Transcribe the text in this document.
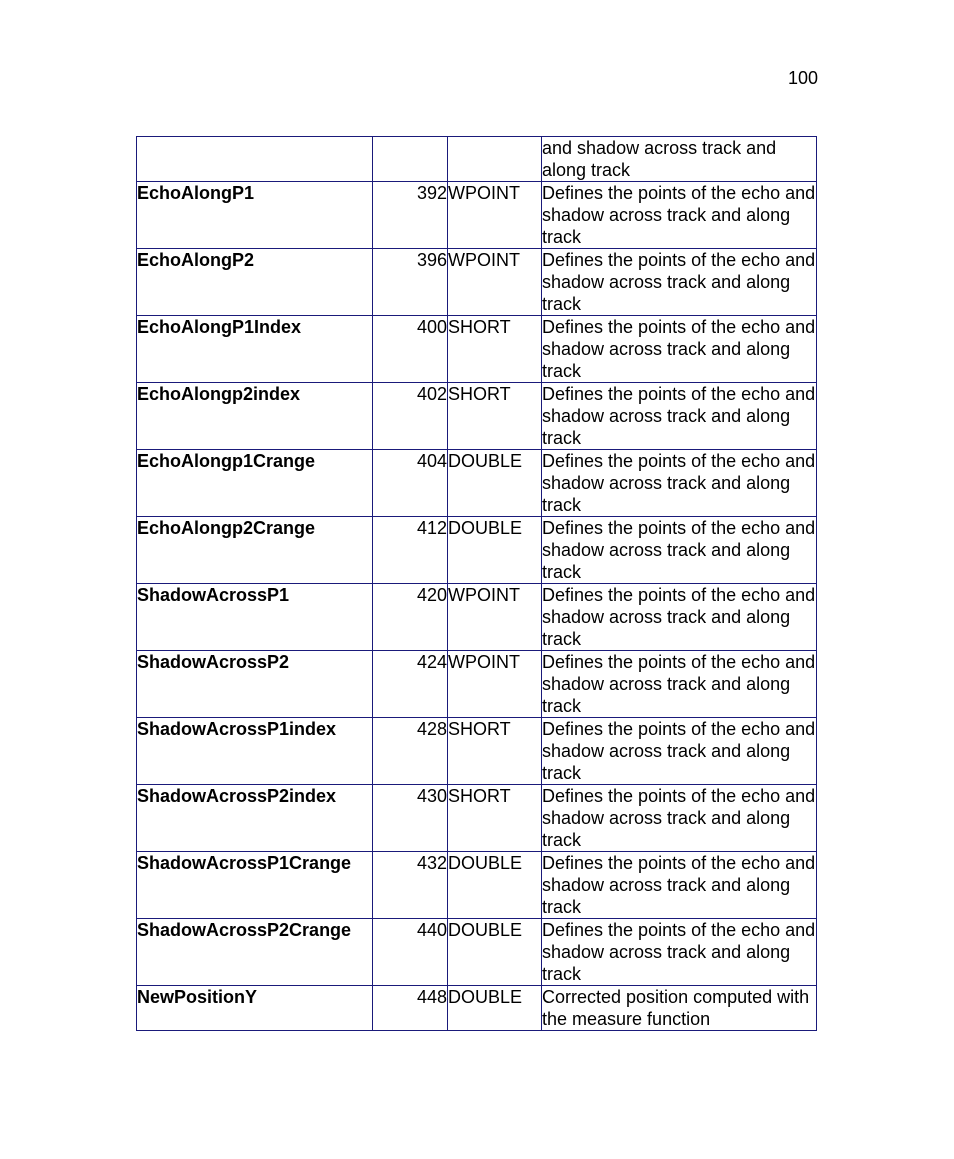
100
			and shadow across track and along track
EchoAlongP1	392	WPOINT	Defines the points of the echo and shadow across track and along track
EchoAlongP2	396	WPOINT	Defines the points of the echo and shadow across track and along track
EchoAlongP1Index	400	SHORT	Defines the points of the echo and shadow across track and along track
EchoAlongp2index	402	SHORT	Defines the points of the echo and shadow across track and along track
EchoAlongp1Crange	404	DOUBLE	Defines the points of the echo and shadow across track and along track
EchoAlongp2Crange	412	DOUBLE	Defines the points of the echo and shadow across track and along track
ShadowAcrossP1	420	WPOINT	Defines the points of the echo and shadow across track and along track
ShadowAcrossP2	424	WPOINT	Defines the points of the echo and shadow across track and along track
ShadowAcrossP1index	428	SHORT	Defines the points of the echo and shadow across track and along track
ShadowAcrossP2index	430	SHORT	Defines the points of the echo and shadow across track and along track
ShadowAcrossP1Crange	432	DOUBLE	Defines the points of the echo and shadow across track and along track
ShadowAcrossP2Crange	440	DOUBLE	Defines the points of the echo and shadow across track and along track
NewPositionY	448	DOUBLE	Corrected position computed with the measure function
